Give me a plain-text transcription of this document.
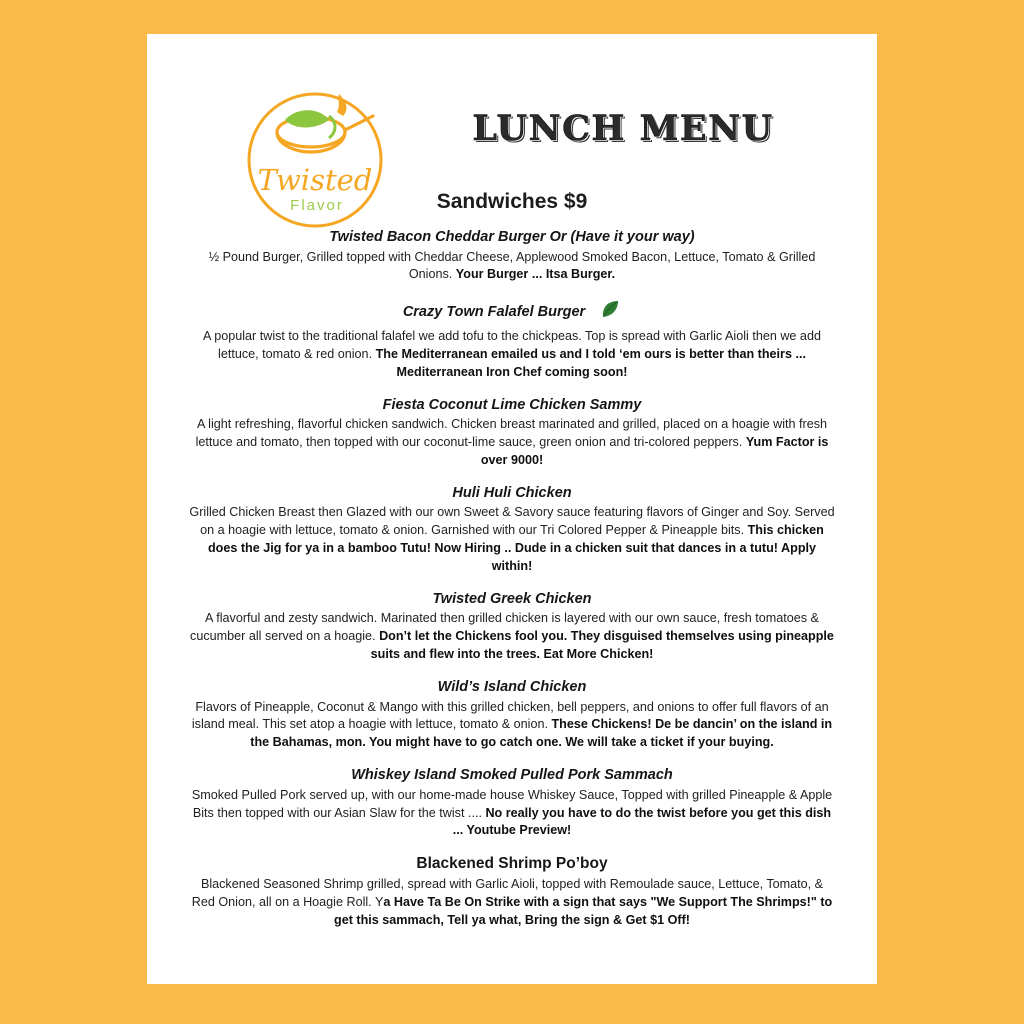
Twisted
Flavor
LUNCH MENU
Sandwiches $9
Twisted Bacon Cheddar Burger Or (Have it your way)
½ Pound Burger, Grilled topped with Cheddar Cheese, Applewood Smoked Bacon, Lettuce, Tomato & Grilled Onions. Your Burger ... Itsa Burger.
Crazy Town Falafel Burger
A popular twist to the traditional falafel we add tofu to the chickpeas. Top is spread with Garlic Aioli then we add lettuce, tomato & red onion. The Mediterranean emailed us and I told ‘em ours is better than theirs ... Mediterranean Iron Chef coming soon!
Fiesta Coconut Lime Chicken Sammy
A light refreshing, flavorful chicken sandwich. Chicken breast marinated and grilled, placed on a hoagie with fresh lettuce and tomato, then topped with our coconut-lime sauce, green onion and tri-colored peppers. Yum Factor is over 9000!
Huli Huli Chicken
Grilled Chicken Breast then Glazed with our own Sweet & Savory sauce featuring flavors of Ginger and Soy. Served on a hoagie with lettuce, tomato & onion. Garnished with our Tri Colored Pepper & Pineapple bits. This chicken does the Jig for ya in a bamboo Tutu! Now Hiring .. Dude in a chicken suit that dances in a tutu! Apply within!
Twisted Greek Chicken
A flavorful and zesty sandwich. Marinated then grilled chicken is layered with our own sauce, fresh tomatoes & cucumber all served on a hoagie. Don’t let the Chickens fool you. They disguised themselves using pineapple suits and flew into the trees. Eat More Chicken!
Wild’s Island Chicken
Flavors of Pineapple, Coconut & Mango with this grilled chicken, bell peppers, and onions to offer full flavors of an island meal. This set atop a hoagie with lettuce, tomato & onion. These Chickens! De be dancin’ on the island in the Bahamas, mon. You might have to go catch one. We will take a ticket if your buying.
Whiskey Island Smoked Pulled Pork Sammach
Smoked Pulled Pork served up, with our home-made house Whiskey Sauce, Topped with grilled Pineapple & Apple Bits then topped with our Asian Slaw for the twist .... No really you have to do the twist before you get this dish ... Youtube Preview!
Blackened Shrimp Po’boy
Blackened Seasoned Shrimp grilled, spread with Garlic Aioli, topped with Remoulade sauce, Lettuce, Tomato, & Red Onion, all on a Hoagie Roll. Ya Have Ta Be On Strike with a sign that says "We Support The Shrimps!" to get this sammach, Tell ya what, Bring the sign & Get $1 Off!
